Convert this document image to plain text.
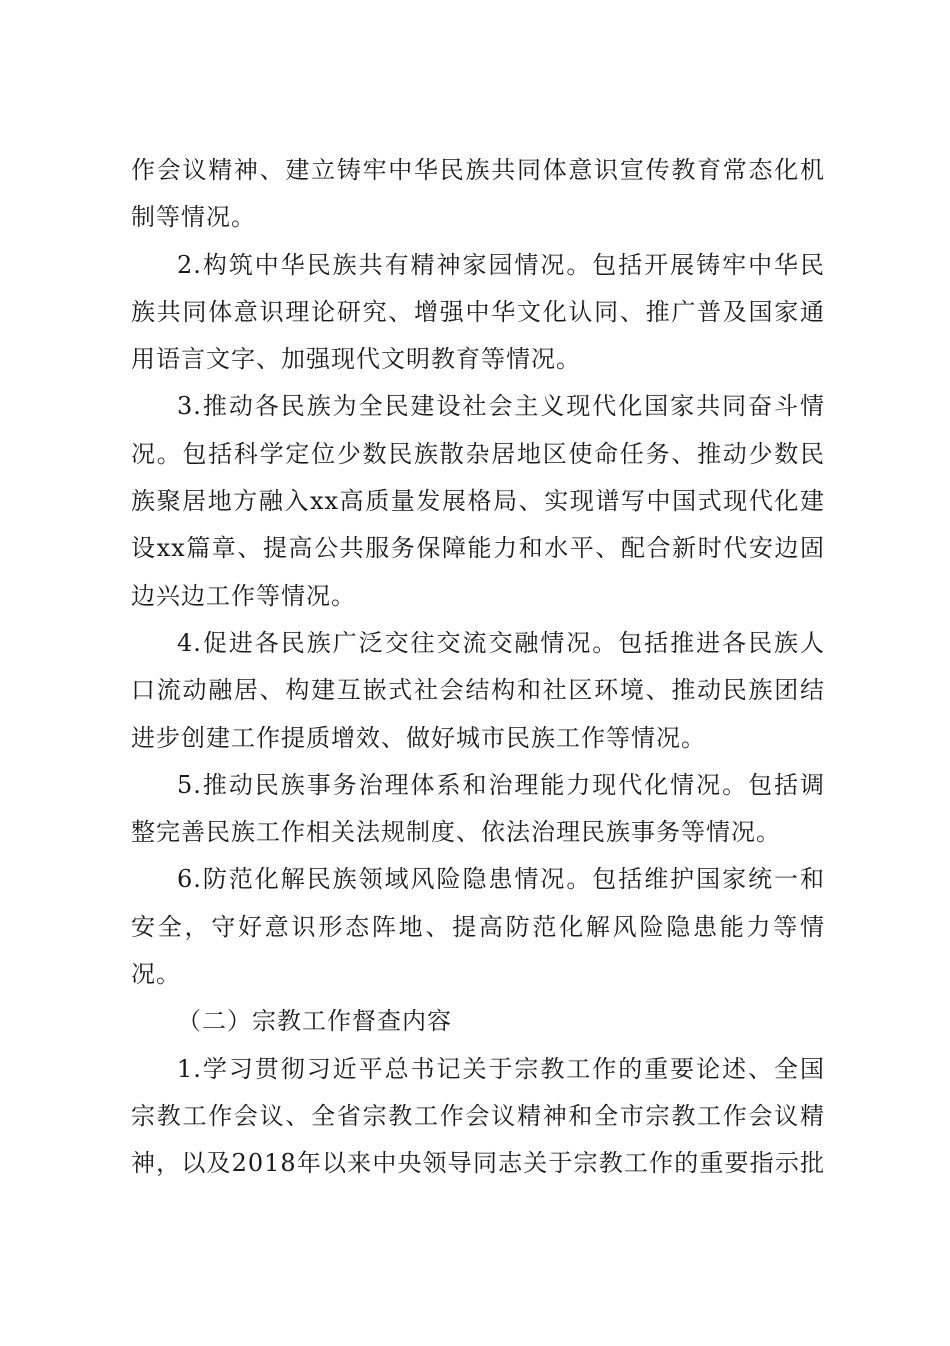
作会议精神、建立铸牢中华民族共同体意识宣传教育常态化机
制等情况。
2.构筑中华民族共有精神家园情况。包括开展铸牢中华民
族共同体意识理论研究、增强中华文化认同、推广普及国家通
用语言文字、加强现代文明教育等情况。
3.推动各民族为全民建设社会主义现代化国家共同奋斗情
况。包括科学定位少数民族散杂居地区使命任务、推动少数民
族聚居地方融入xx高质量发展格局、实现谱写中国式现代化建
设xx篇章、提高公共服务保障能力和水平、配合新时代安边固
边兴边工作等情况。
4.促进各民族广泛交往交流交融情况。包括推进各民族人
口流动融居、构建互嵌式社会结构和社区环境、推动民族团结
进步创建工作提质增效、做好城市民族工作等情况。
5.推动民族事务治理体系和治理能力现代化情况。包括调
整完善民族工作相关法规制度、依法治理民族事务等情况。
6.防范化解民族领域风险隐患情况。包括维护国家统一和
安全，守好意识形态阵地、提高防范化解风险隐患能力等情
况。
（二）宗教工作督查内容
1.学习贯彻习近平总书记关于宗教工作的重要论述、全国
宗教工作会议、全省宗教工作会议精神和全市宗教工作会议精
神，以及2018年以来中央领导同志关于宗教工作的重要指示批
